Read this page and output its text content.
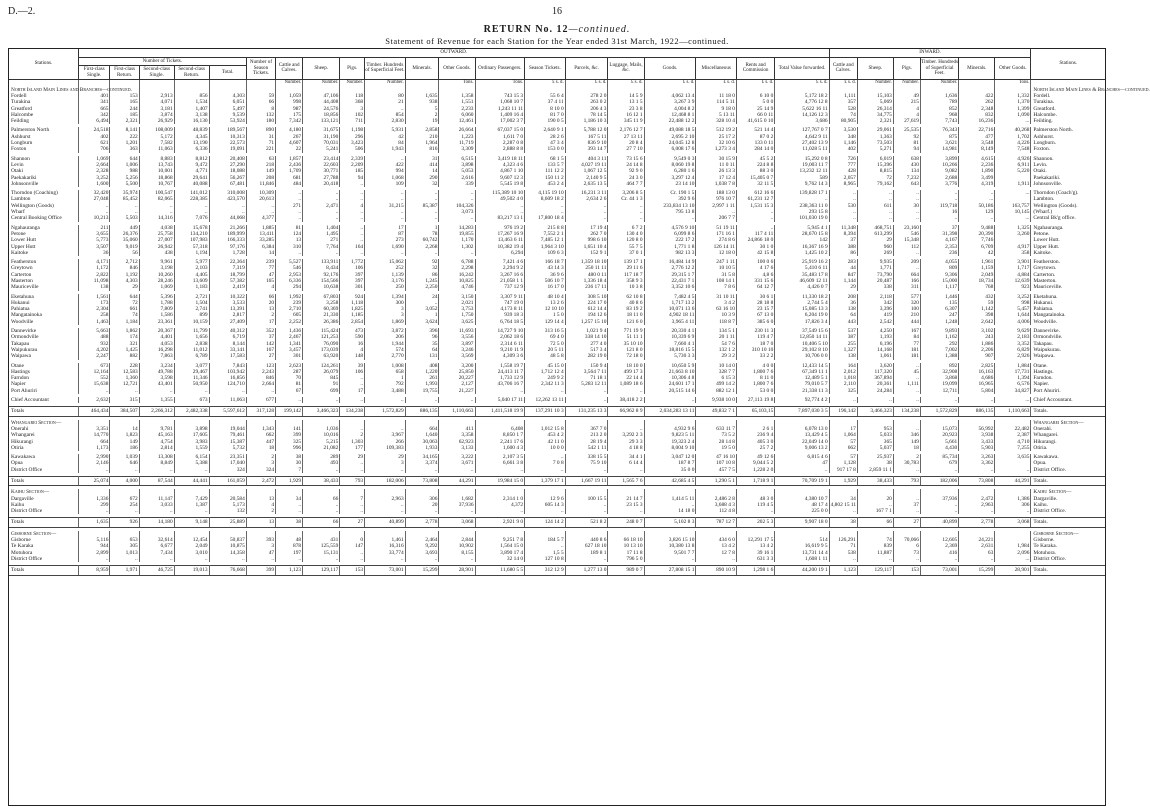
D.—2.	16
RETURN No. 12—continued.
Statement of Revenue for each Station for the Year ended 31st March, 1922—continued.
Stations.	OUTWARD.																				INWARD.						Stations.
	Number of Tickets.					Number of Season Tickets.	Cattle and Calves.	Sheep.	Pigs.	Timber. Hundreds of Superficial Feet.	Minerals.	Other Goods.	Ordinary Passengers.	Season Tickets.	Parcels, &c.	Luggage, Mails, &c.	Goods.	Miscellaneous	Rents and Commission	Total Value forwarded.	Cattle and Calves.	Sheep.	Pigs.	Timber. Hundreds of Superficial Feet.	Minerals.	Other Goods.	
	First-class Single.	First-class Return.	Second-class Single.	Second-class Return.	Total.																						
							Number.	Number.	Number.	Number.		Tons.	Tons.	£ s. d.	£ s. d.	£ s. d.	£ s. d.	£ s. d.	£ s. d.	£ s. d.	£ s. d.	Number.	Number.	Number.		Tons.	
North Island Main Lines and Branches—continued.																											North Island Main Lines & Branches—continued.
Fordell	401	153	2,913	856	4,303	59	1,059	47,106	118	80	1,635	1,358	743 15 3	55 6 4	278 2 0	14 5 9	4,062 13 4	11 18 0	6 10 0	5,172 18 2	1,111	15,103	49	1,636	422	1,332	Fordell.
Turakina	341	165	4,071	1,534	6,051	66	998	44,408	368	21	938	1,551	1,068 10 7	37 4 11	263 0 2	13 1 5	3,267 3 9	114 5 11	5 0 0	4,776 12 8	357	5,069	215	789	262	1,370	Turakina.
Greatford	665	244	3,181	1,407	5,497	8	987	24,576	3	..	5	2,233	1,243 11 11	8 10 0	206 4 3	23 3 8	4,004 8 2	9 18 0	25 14 9	5,622 16 11	528	26,314	4	852	2,348	1,399	Greatford.
Halcombe	342	185	3,874	3,138	9,539	132	175	18,856	102	854	2	6,060	1,409 16 4	81 7 0	78 14 5	16 12 1	12,468 8 1	5 13 11	66 0 11	14,126 12 3	74	34,775	4	968	832	1,090	Halcombe.
Feilding	6,494	2,321	26,929	16,130	53,924	180	7,342	133,121	711	2,830	19	12,461	17,002 3 7	190 0 5	1,186 10 3	345 11 9	22,488 12 2	328 10 4	41,615 0 10	3,686	80,905	2,321	27,619	7,743	16,236	...	Feilding.

Palmerston North	24,518	8,141	108,009	48,839	189,567	890	4,180	31,675	1,198	5,931	2,858	26,664	67,037 15 0	2,640 9 1	5,788 12 0	2,176 12 7	49,088 18 5	512 19 2	521 14 4	127,767 0 7	3,530	29,061	25,535	76,343	22,716	40,268	Palmerston North.
Ashhurst	402	222	5,172	4,345	10,313	31	267	31,190	296	42	210	1,223	1,611 7 0	28 2 6	167 5 11	27 13 11	2,695 2 10	25 17 2	87 0 2	4,642 9 11	348	1,363	92	875	477	1,702	Ashhurst.
Longburn	621	1,201	7,582	13,190	22,573	71	4,607	70,031	3,423	84	1,964	11,719	2,287 0 8	47 3 4	836 9 10	20 8 4	24,045 12 8	32 10 6	133 0 11	27,402 13 9	1,146	73,503	81	3,621	3,548	4,226	Longburn.
Foxton	706	363	11,063	6,336	19,091	221	22	5,241	506	1,943	816	3,309	2,888 8 8	153 0 0	393 14 7	27 7 10	6,008 17 6	1,273 3 4	284 14 0	11,028 5 11	402	5,271	94	14,981	8,149	7,548	Foxton.

Shannon	1,069	644	8,883	8,812	20,408	63	1,857	23,414	2,339	..	31	6,515	3,419 18 11	68 1 5	404 3 11	73 15 6	9,549 0 3	30 15 9	45 5 2	15,292 0 8	726	6,019	638	3,899	4,615	4,926	Shannon.
Levin	2,664	1,006	13,743	9,472	27,290	218	2,436	22,603	2,209	422	414	3,898	4,323 4 6	133 5 7	4,027 19 11	24 14 8	8,060 19 8	11 0 11	224 8 8	19,003 11 7	777	15,396	430	10,266	2,236	6,911	Levin.
Otaki	2,328	988	10,001	4,771	18,088	149	1,709	30,771	185	994	14	5,053	4,867 1 10	111 12 2	1,067 12 5	92 9 0	6,280 1 6	26 13 3	88 3 0	13,232 12 11	428	8,815	134	9,082	1,890	5,220	Otaki.
Paekakariki	3,252	5,256	18,868	29,641	56,267	208	681	27,788	94	1,068	290	2,616	9,607 12 3	150 11 2	2,140 9 5	24 3 0	3,297 12 4	17 12 4	15,405 0 7	589	2,057	72	7,232	2,688	3,499		Paekakariki.
Johnsonville	1,600	5,500	10,767	40,088	67,481	11,846	484	20,418	..	109	32	339	5,545 19 8	453 2 4	2,635 13 5	464 7 7	23 14 10	1,038 7 8	32 11 5	9,762 14 3	8,965	79,162	643	3,776	4,319	1,911	Johnsonville.

Thorndon (Coaching)	32,420	35,974	100,547	141,012	310,008	10,309	..	..	..	..	..	..	115,389 10 10	4,115 19 10	16,231 3 11	3,206 8 5	Cr. 190 1 5	188 13 0	612 16 6	139,828 17 1	..	..	..	..	..	...	Thorndon (Coach'g).
Lambton	27,048	85,452	82,065	228,385	423,570	20,613	..	..	..	..	..	..	49,502 4 0	8,609 18 2	2,634 2 6	Cr. 44 1 3	392 9 6	976 10 7	61,231 12 7	..	..	..	..	..	...		Lambton.
Wellington (Goods)	..	..	..	..	..	..	271	2,471	4	31,215	85,387	104,326	..	..	..	..	233,834 13 10	2,997 1 11	1,531 15 3	238,363 11 0	530	611	30	119,718	50,186	163,757	Wellington (Goods).
Wharf	..	..	..	..	..	..	..	..	..	..	..	3,073	..	..	..	..	795 13 8	..	..	293 15 8	..	..	..	16	129	10,145	(Wharf.)
Central Booking Office	10,213	5,503	14,316	7,076	44,068	4,377	..	..	..	..	..	..	83,217 13 1	17,800 18 4	..	..	..	206 7 7	..	101,030 19 0	..	..	..	..	..	...	Central Bk'g office.

Ngahauranga	211	449	4,038	15,678	21,266	1,885	81	1,404	..	17	1	14,283	976 19 2	215 8 8	17 19 4	6 7 2	4,576 9 10	51 19 11	..	5,945 4 1	11,348	468,751	23,160	37	9,488	1,325	Ngahauranga.
Petone	3,655	26,376	25,758	134,210	189,999	13,411	124	1,495	..	87	78	19,855	17,267 16 9	7,552 2 1	262 7 0	130 4 0	6,099 8 6	171 16 1	117 4 11	28,670 15 8	8,394	613,299	546	31,398	20,390	3,260	Petone.
Lower Hutt	5,773	35,060	27,007	107,983	166,333	33,285	13	271	..	273	60,742	1,170	13,463 6 11	7,485 12 1	998 6 10	120 8 0	222 17 2	274 8 6	24,866 18 0	142	37	29	15,348	4,167	7,746		Lower Hutt.
Upper Hutt	3,507	9,019	26,942	57,318	97,176	6,384	310	7,764	164	1,690	2,268	1,302	10,382 19 4	1,964 3 10	1,651 10 4	55 7 5	1,771 1 8	126 14 11	30 1 0	16,367 16 9	388	960	112	2,353	6,709	4,917	Upper Hutt.
Kaitoke	36	56	438	1,194	1,728	14	..	..	..	..	..	..	6,294	109 6 3	152 9 1	37 0 1	982 13 3	12 18 0	42 15 8	1,425 10 2	86	269	..	236	42	358	Kaitoke.

Featherston	4,171	2,712	9,961	5,977	22,364	239	5,527	133,911	1,772	15,062	92	6,788	7,421 4 6	166 18 7	1,359 18 10	139 17 1	16,484 14 9	247 1 11	100 0 6	25,919 16 2	283	9,935	209	4,055	1,961	3,901	Featherston.
Greytown	1,172	846	3,198	2,103	7,319	77	546	8,434	106	252	32	2,298	2,294 9 2	43 14 3	250 11 11	29 11 6	2,776 12 2	10 10 5	4 17 6	5,410 6 11	44	1,771	..	809	1,159	1,717	Greytown.
Carterton	2,822	1,192	10,260	4,405	18,799	47	2,953	92,176	397	1,139	86	16,242	3,267 16 6	36 9 6	480 0 11	117 18 7	29,315 1 7	31 5 8	4,8 6	35,483 17 8	847	73,790	664	9,306	2,049	4,884	Carterton.
Masterton	11,098	4,303	28,246	13,609	57,382	165	6,336	154,566	397	3,176	1,245	10,825	21,058 1 1	506 10 7	1,336 18 4	358 9 3	22,431 7 1	108 14 1	331 15 6	46,609 12 11	1,144	20,487	166	15,000	18,734	12,639	Masterton.
Mauriceville	138	29	1,069	1,183	2,419	4	294	10,638	301	250	2,250	4,746	737 12 9	16 17 0	236 17 11	10 3 8	3,352 10 6	7 8 6	64 12 7	4,426 0 7	29	338	311	1,117	768	923	Mauriceville.

Eketahuna	1,561	644	5,396	2,721	10,322	66	1,992	67,803	924	1,394	24	3,150	3,307 9 11	48 10 4	308 5 10	62 10 8	7,482 4 5	31 10 11	30 6 1	11,330 18 2	208	2,118	577	1,446	432	3,252	Eketahuna.
Hukanui	173	72	1,788	1,504	3,533	20	239	3,258	1,118	300	..	2,021	747 19 0	13 2 6	224 17 0	40 8 6	1,717 13 2	3 4 2	28 18 8	2,744 5 4	36	342	320	135	59	998	Hukanui.
Pahiatua	2,304	661	7,809	2,741	13,391	13	2,710	60,369	1,825	3	3,052	3,753	4,173 8 11	12 10 10	612 14 4	83 19 2	10,071 13 6	63 16 10	23 15 7	15,085 13 3	138	3,396	100	6,307	1,142	5,457	Pahiatua.
Mangatainoka	258	74	1,586	899	2,817	2	605	21,330	1,185	3	1	1,750	939 18 3	1 5 0	194 12 6	18 11 0	4,902 18 11	10 3 9	67 13 0	6,204 19 0	64	419	210	247	398	1,644	Mangatainoka.
Woodville	1,463	1,184	23,361	10,159	27,409	17	2,252	26,386	2,854	1,869	3,624	3,625	6,764 18 5	129 14 4	1,257 15 10	121 6 0	3,965 4 11	118 8 7	385 6 0	17,826 3 4	443	2,542	444	1,248	2,642	4,006	Woodville.

Dannevirke	5,663	1,862	20,367	11,799	40,312	352	1,436	115,424	473	3,872	396	11,693	14,727 9 10	313 16 5	1,021 9 4	771 19 9	20,330 4 1	134 5 1	230 11 3	37,549 15 6	537	4,250	167	9,893	3,102	9,629	Dannevirke.
Ormondville	488	174	4,401	1,656	6,719	37	2,467	121,253	590	206	96	3,556	2,062 18 6	69 4 0	338 14 10	51 11 1	10,339 6 9	20 1 11	119 4 7	12,850 14 11	387	1,193	84	1,162	243	2,183	Ormondville.
Takapau	932	321	4,053	2,838	8,144	142	1,341	76,090	16	1,944	35	3,897	2,314 6 11	72 5 0	277 4 0	35 10 10	7,660 4 1	54 7 6	18 7 0	10,406 5 10	255	6,196	77	292	1,886	3,352	Takapau.
Waipukurau	4,202	1,425	16,298	11,012	33,141	167	3,457	173,039	4	574	64	3,246	9,210 11 9	20 5 11	517 3 4	121 8 0	18,816 15 5	132 1 2	310 10 10	29,102 8 10	1,327	14,168	181	7,002	2,206	6,829	Waipukurau.
Waipawa	2,247	882	7,863	6,789	17,583	27	301	63,920	148	2,770	131	3,569	4,309 3 6	48 5 8	282 19 0	72 18 0	5,730 3 3	29 3 2	33 2 2	10,706 0 0	138	1,061	181	1,388	907	2,926	Waipawa.

Otane	673	228	3,234	3,077	7,843	123	2,623	124,261	39	1,008	408	3,200	1,558 19 7	45 15 0	150 9 4	18 10 0	10,650 5 9	10 14 0	4 0 0	12,433 14 5	164	3,620	..	892	2,825	1,884	Otane.
Hastings	12,164	12,583	49,788	29,467	103,942	2,243	287	26,079	106	658	1,220	25,850	24,413 11 7	1,712 12 4	3,564 7 11	499 17 3	21,663 8 10	328 7 7	1,800 7 6	67,349 11 1	2,012	117,320	45	32,908	16,163	17,731	Hastings.
Farndon	552	1,360	3,598	11,346	16,856	846	70	845	..	1	261	20,227	1,733 12 9	249 9 2	71 18 1	22 14 4	10,306 4 8	6 15 3	8 11 0	12,489 5 1	1,018	367,894	..	3,868	4,686	1,394	Farndon.
Napier	15,638	12,721	43,401	50,950	124,710	2,664	81	91	..	792	1,993	2,127	43,706 16 7	2,342 11 3	5,283 12 11	1,089 18 6	24,601 17 1	499 14 2	1,800 7 6	79,010 5 7	2,110	20,361	1,111	19,099	16,965	6,576	Napier.
Port Ahuriri	..	..	..	..	..	..	67	699	17	3,488	19,755	21,227	..	..	..	..	20,515 14 6	882 12 1	53 0 0	21,338 11 3	325	24,284	..	12,711	5,804	34,827	Port Ahuriri.

Chief Accountant	2,632	315	1,355	673	11,063	677	..	..	..	..	..	..	5,040 17 11	12,262 13 11	..	38,418 2 2	..	9,938 10 0	27,113 19 8	92,774 4 2	..	..	..	..	..	...	Chief Accountant.

Totals	464,434	384,507	2,266,312	2,482,338	5,597,612	317,128	199,142	3,466,323	134,238	1,572,829	886,135	1,110,663	1,411,518 19 9	137,291 10 3	131,235 13 3	66,962 8 9	2,034,283 13 11	49,832 7 1	65,103,15	7,897,030 3 5	196,142	3,466,323	134,238	1,572,829	886,135	1,110,663	Totals.

Whangarei Section—																											Whangarei Section—
Onerahi	3,351	14	9,781	3,898	19,044	1,343	141	1,036	..	..	664	411	6,408	1,012 15 8	367 7 0	..	4,932 9 6	633 11 7	2 6 1	6,078 13 0	17	953	..	15,073	56,992	22,482	Onerahi.
Whangarei	14,770	1,823	45,163	17,605	79,461	662	399	10,016	2	3,967	1,640	3,358	8,850 1 7	453 4 2	213 2 0	3,292 2 3	9,823 5 11	73 5 2	236 9 4	13,429 4 5	1,064	5,033	346	20,923	3,938	2,387	Whangarei.
Hikurangi	664	149	4,754	3,983	15,387	447	325	5,215	1,303	266	30,063	62,923	2,241 17 6	42 11 0	28 19 4	29 3 3	19,323 2 4	28 14 8	405 3 0	22,049 14 0	57	365	149	5,661	3,433	4,710	Hikurangi.
Otiria	1,173	186	2,814	1,559	5,732	18	996	21,082	177	109,383	1,933	3,133	1,600 4 3	10 0 0	542 1 11	4 18 8	8,004 9 10	19 5 0	25 7 2	9,006 13 2	662	5,037	18	4,430	5,903	7,255	Otiria.

Kawakawa	2,990	1,039	13,308	6,154	23,351	2	38	289	29	29	34,165	3,222	2,107 3 5	..	338 15 5	34 4 1	3,047 12 0	47 16 10	49 12 6	6,815 4 6	57	25,937	2	85,734	3,263	3,635	Kawakawa.
Opua	2,146	646	8,849	5,388	17,040	3	30	493	..	3	3,374	3,671	6,661 3 8	7 0 8	75 9 10	6 14 4	187 8 7	107 10 8	9,044 5 2	47	1,128	38	30,783	679	3,362		Opua.
District Office	..	..	..	..	324	324	7	..	..	..	..	..	..	..	..	..	35 0 0	457 7 5	1,228 2 0	..	917 17 8	2,859 11 1	..	..	..	..	District Office.

Totals	25,074	4,000	87,544	44,441	161,059	2,472	1,929	38,433	793	182,006	73,808	44,291	19,984 15 0	1,379 17 1	1,667 19 11	1,565 7 6	42,685 4 5	1,290 5 1	1,718 9 1	70,709 19 1	1,929	38,433	793	182,006	73,808	44,291	Totals.

Kaihu Section—																											Kaihu Section—
Dargaville	1,336	672	11,147	7,429	20,584	13	34	66	7	2,963	306	1,682	2,314 1 0	12 9 6	100 15 5	21 14 7	1,414 5 11	2,486 2 8	48 3 0	4,380 10 7	34	20	..	37,936	2,472	1,386	Dargaville.
Kaihu	299	254	3,033	1,387	5,173	4	..	..	..	..	20	37,936	4,372	605 14 3	..	23 15 3	..	3,688 4 3	119 4 5	48 17 4	4,802 15 11	..	37	..	2,963	306	Kaihu.
District Office	..	..	..	..	132	2	..	..	..	..	..	..	..	..	..	..	14 18 0	112 4 8	..	225 0 0	..	167 7 1	..	..	..	..	District Office.

Totals	1,635	926	14,180	9,148	25,889	13	38	66	27	40,899	2,778	3,068	2,921 9 0	124 14 2	521 8 2	248 0 7	5,102 8 3	787 12 7	202 5 3	9,907 18 0	38	66	27	40,899	2,778	3,068	Totals.

Gisborne Section—																											Gisborne Section—
Gisborne	5,116	653	32,614	12,454	50,837	393	48	431	0	1,461	2,464	2,844	9,251 7 8	184 5 7	440 8 6	66 18 10	3,826 15 10	434 6 0	12,291 17 5	514	126,291	74	70,066	12,605	24,221		Gisborne.
Te Karaka	944	305	6,677	2,049	10,875	3	878	125,559	147	16,316	9,292	10,902	1,564 15 0	..	627 18 10	10 13 10	10,380 13 8	13 4 2	13 4 2	16,619 9 5	71	839	6	2,369	2,631	1,984	Te Karaka.
Motuhora	2,899	1,013	7,434	3,010	14,358	47	197	15,131	..	33,774	3,693	8,155	3,890 17 4	1,5 5	189 8 1	17 11 8	9,501 7 7	12 7 8	39 16 1	13,731 14 4	538	11,887	73	416	63	2,096	Motuhora.
District Office	..	..	..	..	..	..	..	..	..	..	..	..	32 14 0	127 10 8	..	796 5 0	..	..	631 3 3	1,608 1 11	..	..	..	..	..	...	District Office.

Totals	8,959	1,971	46,725	19,013	76,668	399	1,123	129,117	153	73,001	15,299	28,901	11,680 5 5	312 12 9	1,277 13 0	989 0 7	27,808 15 1	890 10 9	1,298 1 6	44,200 19 1	1,123	129,117	153	73,001	15,299	28,901	Totals.
